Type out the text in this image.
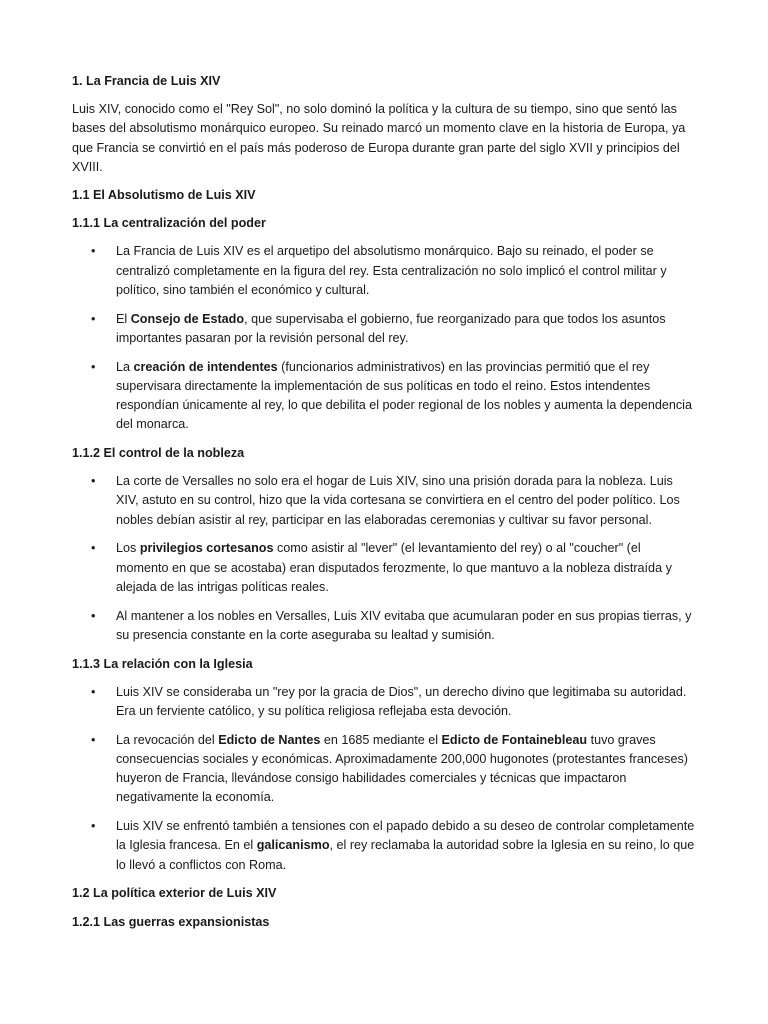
1. La Francia de Luis XIV
Luis XIV, conocido como el "Rey Sol", no solo dominó la política y la cultura de su tiempo, sino que sentó las bases del absolutismo monárquico europeo. Su reinado marcó un momento clave en la historia de Europa, ya que Francia se convirtió en el país más poderoso de Europa durante gran parte del siglo XVII y principios del XVIII.
1.1 El Absolutismo de Luis XIV
1.1.1 La centralización del poder
• La Francia de Luis XIV es el arquetipo del absolutismo monárquico. Bajo su reinado, el poder se centralizó completamente en la figura del rey. Esta centralización no solo implicó el control militar y político, sino también el económico y cultural.
• El Consejo de Estado, que supervisaba el gobierno, fue reorganizado para que todos los asuntos importantes pasaran por la revisión personal del rey.
• La creación de intendentes (funcionarios administrativos) en las provincias permitió que el rey supervisara directamente la implementación de sus políticas en todo el reino. Estos intendentes respondían únicamente al rey, lo que debilita el poder regional de los nobles y aumenta la dependencia del monarca.
1.1.2 El control de la nobleza
• La corte de Versalles no solo era el hogar de Luis XIV, sino una prisión dorada para la nobleza. Luis XIV, astuto en su control, hizo que la vida cortesana se convirtiera en el centro del poder político. Los nobles debían asistir al rey, participar en las elaboradas ceremonias y cultivar su favor personal.
• Los privilegios cortesanos como asistir al "lever" (el levantamiento del rey) o al "coucher" (el momento en que se acostaba) eran disputados ferozmente, lo que mantuvo a la nobleza distraída y alejada de las intrigas políticas reales.
• Al mantener a los nobles en Versalles, Luis XIV evitaba que acumularan poder en sus propias tierras, y su presencia constante en la corte aseguraba su lealtad y sumisión.
1.1.3 La relación con la Iglesia
• Luis XIV se consideraba un "rey por la gracia de Dios", un derecho divino que legitimaba su autoridad. Era un ferviente católico, y su política religiosa reflejaba esta devoción.
• La revocación del Edicto de Nantes en 1685 mediante el Edicto de Fontainebleau tuvo graves consecuencias sociales y económicas. Aproximadamente 200,000 hugonotes (protestantes franceses) huyeron de Francia, llevándose consigo habilidades comerciales y técnicas que impactaron negativamente la economía.
• Luis XIV se enfrentó también a tensiones con el papado debido a su deseo de controlar completamente la Iglesia francesa. En el galicanismo, el rey reclamaba la autoridad sobre la Iglesia en su reino, lo que lo llevó a conflictos con Roma.
1.2 La política exterior de Luis XIV
1.2.1 Las guerras expansionistas
